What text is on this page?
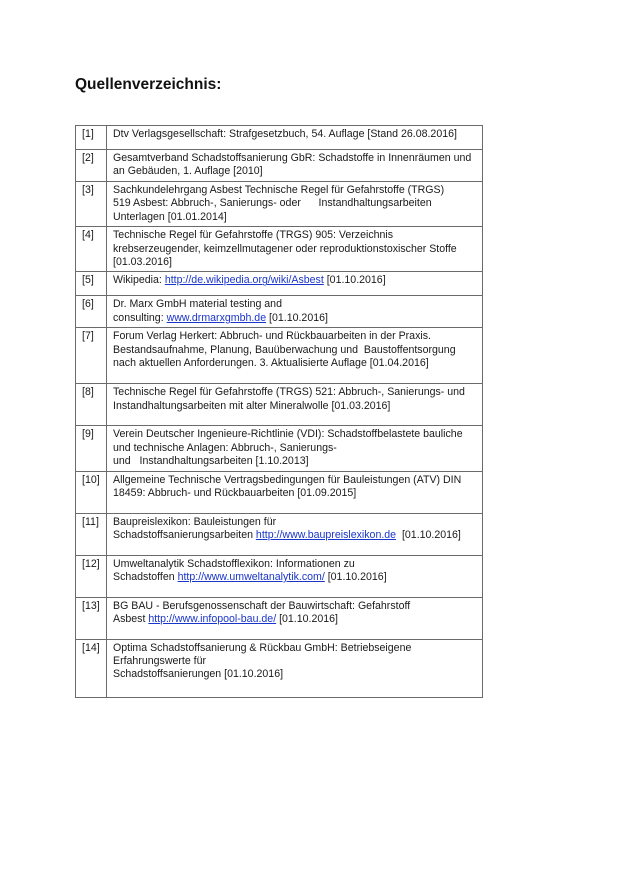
Quellenverzeichnis:
[1]	Dtv Verlagsgesellschaft: Strafgesetzbuch, 54. Auflage [Stand 26.08.2016]

[2]	Gesamtverband Schadstoffsanierung GbR: Schadstoffe in Innenräumen und
an Gebäuden, 1. Auflage [2010]

[3]	Sachkundelehrgang Asbest Technische Regel für Gefahrstoffe (TRGS)
519 Asbest: Abbruch-, Sanierungs- oder      Instandhaltungsarbeiten
Unterlagen [01.01.2014]

[4]	Technische Regel für Gefahrstoffe (TRGS) 905: Verzeichnis
krebserzeugender, keimzellmutagener oder reproduktionstoxischer Stoffe
[01.03.2016]

[5]	Wikipedia: http://de.wikipedia.org/wiki/Asbest [01.10.2016]

[6]	Dr. Marx GmbH material testing and
consulting: www.drmarxgmbh.de [01.10.2016]

[7]	Forum Verlag Herkert: Abbruch- und Rückbauarbeiten in der Praxis.
Bestandsaufnahme, Planung, Bauüberwachung und  Baustoffentsorgung
nach aktuellen Anforderungen. 3. Aktualisierte Auflage [01.04.2016]

[8]	Technische Regel für Gefahrstoffe (TRGS) 521: Abbruch-, Sanierungs- und
Instandhaltungsarbeiten mit alter Mineralwolle [01.03.2016]

[9]	Verein Deutscher Ingenieure-Richtlinie (VDI): Schadstoffbelastete bauliche
und technische Anlagen: Abbruch-, Sanierungs-
und   Instandhaltungsarbeiten [1.10.2013]

[10]	Allgemeine Technische Vertragsbedingungen für Bauleistungen (ATV) DIN
18459: Abbruch- und Rückbauarbeiten [01.09.2015]

[11]	Baupreislexikon: Bauleistungen für
Schadstoffsanierungsarbeiten http://www.baupreislexikon.de  [01.10.2016]

[12]	Umweltanalytik Schadstofflexikon: Informationen zu
Schadstoffen http://www.umweltanalytik.com/ [01.10.2016]

[13]	BG BAU - Berufsgenossenschaft der Bauwirtschaft: Gefahrstoff
Asbest http://www.infopool-bau.de/ [01.10.2016]

[14]	Optima Schadstoffsanierung & Rückbau GmbH: Betriebseigene
Erfahrungswerte für
Schadstoffsanierungen [01.10.2016]
